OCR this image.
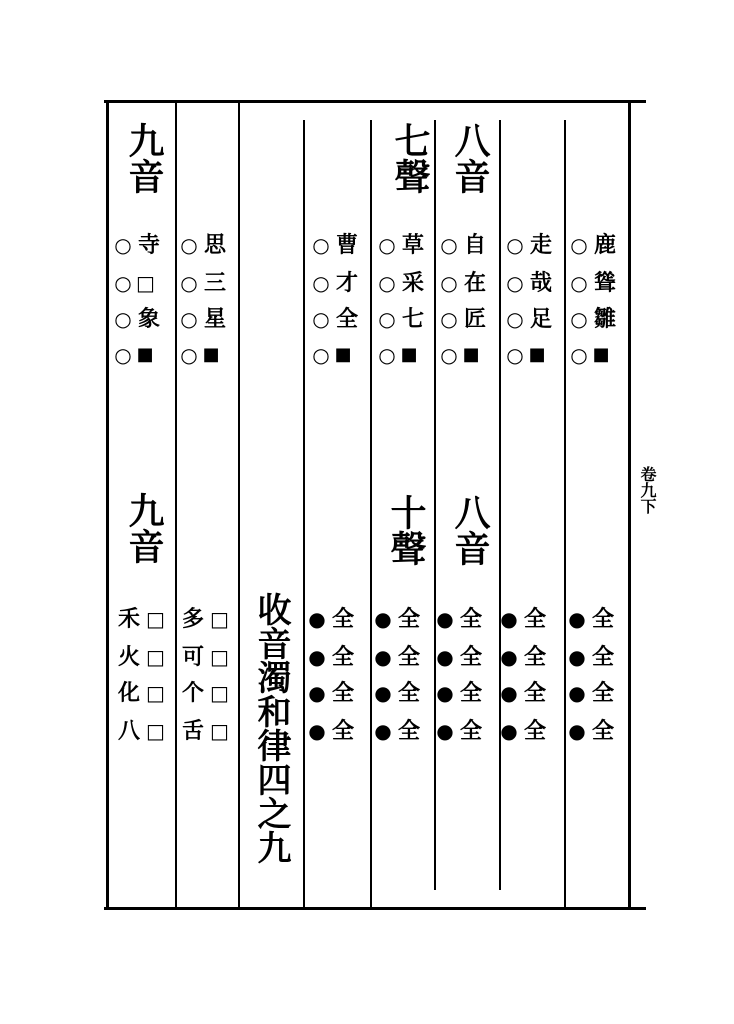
九音	七聲 八音
○ 寺
○ □
○ 象
○ ■
○ 思
○ 三
○ 星
○ ■
○ 曹
○ 才
○ 全
○ ■
○ 草
○ 采
○ 七
○ ■
○ 自
○ 在
○ 匠
○ ■
○ 走
○ 哉
○ 足
○ ■
○ 鹿
○ 聳
○ 雛
○ ■
九音	十聲 八音
收音濁和律四之九
禾 □
火 □
化 □
八 □
多 □
可 □
个 □
舌 □
● 全
● 全
● 全
● 全
● 全
● 全
● 全
● 全
● 全
● 全
● 全
● 全
● 全
● 全
● 全
● 全
● 全
● 全
● 全
● 全
卷九下
